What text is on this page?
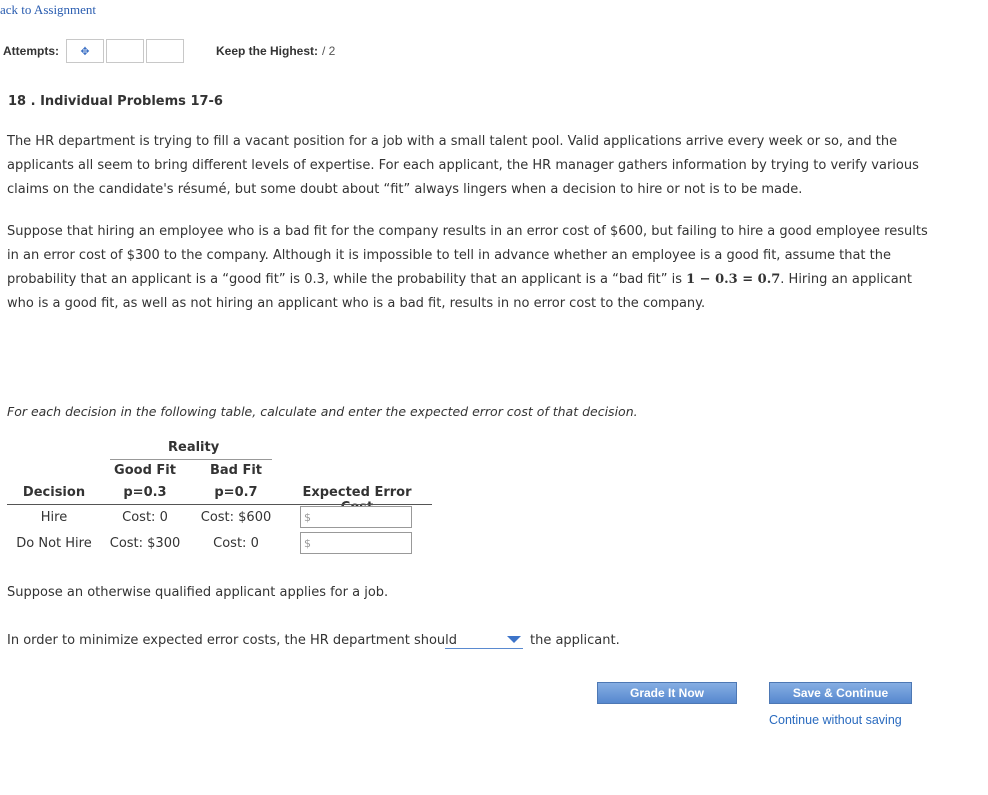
ack to Assignment
Attempts: ✥	Keep the Highest: / 2
18 . Individual Problems 17-6
The HR department is trying to fill a vacant position for a job with a small talent pool. Valid applications arrive every week or so, and the applicants all seem to bring different levels of expertise. For each applicant, the HR manager gathers information by trying to verify various claims on the candidate's résumé, but some doubt about “fit” always lingers when a decision to hire or not is to be made.
Suppose that hiring an employee who is a bad fit for the company results in an error cost of $600, but failing to hire a good employee results in an error cost of $300 to the company. Although it is impossible to tell in advance whether an employee is a good fit, assume that the probability that an applicant is a “good fit” is 0.3, while the probability that an applicant is a “bad fit” is 1 − 0.3 = 0.7. Hiring an applicant who is a good fit, as well as not hiring an applicant who is a bad fit, results in no error cost to the company.
For each decision in the following table, calculate and enter the expected error cost of that decision.
Reality
Good Fit	Bad Fit
Decision	p=0.3	p=0.7	Expected Error
Hire	Cost: 0	Cost: $600	$
Do Not Hire	Cost: $300	Cost: 0	$
Suppose an otherwise qualified applicant applies for a job.
In order to minimize expected error costs, the HR department should	the applicant.
Grade It Now	Save & Continue
Continue without saving
